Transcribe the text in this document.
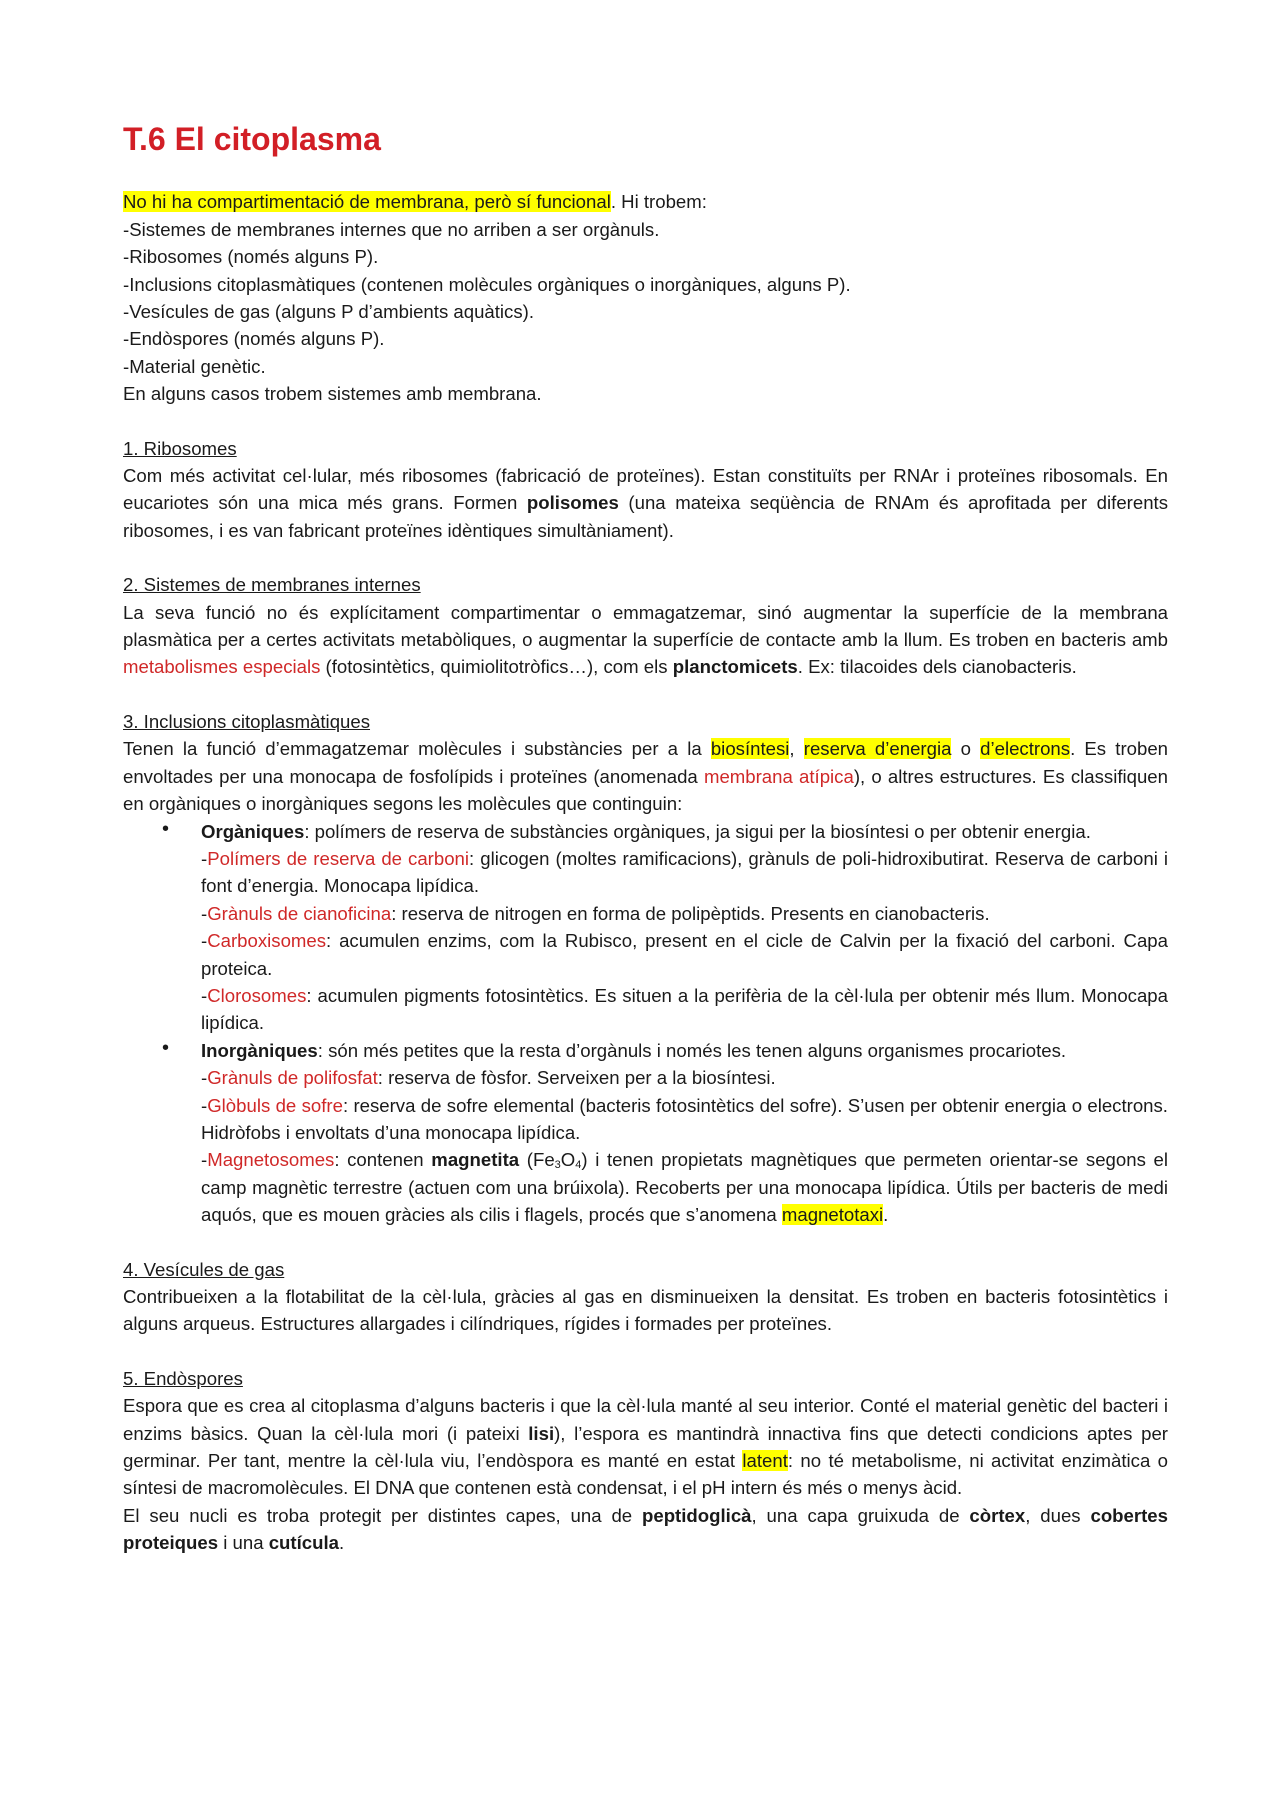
T.6 El citoplasma
No hi ha compartimentació de membrana, però sí funcional. Hi trobem:
-Sistemes de membranes internes que no arriben a ser orgànuls.
-Ribosomes (només alguns P).
-Inclusions citoplasmàtiques (contenen molècules orgàniques o inorgàniques, alguns P).
-Vesícules de gas (alguns P d’ambients aquàtics).
-Endòspores (només alguns P).
-Material genètic.
En alguns casos trobem sistemes amb membrana.
1. Ribosomes

Com més activitat cel·lular, més ribosomes (fabricació de proteïnes). Estan constituïts per RNAr i proteïnes ribosomals. En eucariotes són una mica més grans. Formen polisomes (una mateixa seqüència de RNAm és aprofitada per diferents ribosomes, i es van fabricant proteïnes idèntiques simultàniament).

2. Sistemes de membranes internes

La seva funció no és explícitament compartimentar o emmagatzemar, sinó augmentar la superfície de la membrana plasmàtica per a certes activitats metabòliques, o augmentar la superfície de contacte amb la llum. Es troben en bacteris amb metabolismes especials (fotosintètics, quimiolitotròfics…), com els planctomicets. Ex: tilacoides dels cianobacteris.

3. Inclusions citoplasmàtiques

Tenen la funció d’emmagatzemar molècules i substàncies per a la biosíntesi, reserva d’energia o d’electrons. Es troben envoltades per una monocapa de fosfolípids i proteïnes (anomenada membrana atípica), o altres estructures. Es classifiquen en orgàniques o inorgàniques segons les molècules que continguin:

• Orgàniques: polímers de reserva de substàncies orgàniques, ja sigui per la biosíntesi o per obtenir energia.
-Polímers de reserva de carboni: glicogen (moltes ramificacions), grànuls de poli-hidroxibutirat. Reserva de carboni i font d’energia. Monocapa lipídica.
-Grànuls de cianoficina: reserva de nitrogen en forma de polipèptids. Presents en cianobacteris.
-Carboxisomes: acumulen enzims, com la Rubisco, present en el cicle de Calvin per la fixació del carboni. Capa proteica.
-Clorosomes: acumulen pigments fotosintètics. Es situen a la perifèria de la cèl·lula per obtenir més llum. Monocapa lipídica.
• Inorgàniques: són més petites que la resta d’orgànuls i només les tenen alguns organismes procariotes.
-Grànuls de polifosfat: reserva de fòsfor. Serveixen per a la biosíntesi.
-Glòbuls de sofre: reserva de sofre elemental (bacteris fotosintètics del sofre). S’usen per obtenir energia o electrons. Hidròfobs i envoltats d’una monocapa lipídica.
-Magnetosomes: contenen magnetita $(Fe_3O_4)$ i tenen propietats magnètiques que permeten orientar-se segons el camp magnètic terrestre (actuen com una brúixola). Recoberts per una monocapa lipídica. Útils per bacteris de medi aquós, que es mouen gràcies als cilis i flagels, procés que s’anomena magnetotaxi.
4. Vesícules de gas

Contribueixen a la flotabilitat de la cèl·lula, gràcies al gas en disminueixen la densitat. Es troben en bacteris fotosintètics i alguns arqueus. Estructures allargades i cilíndriques, rígides i formades per proteïnes.

5. Endòspores

Espora que es crea al citoplasma d’alguns bacteris i que la cèl·lula manté al seu interior. Conté el material genètic del bacteri i enzims bàsics. Quan la cèl·lula mori (i pateixi lisi), l’espora es mantindrà innactiva fins que detecti condicions aptes per germinar. Per tant, mentre la cèl·lula viu, l’endòspora es manté en estat latent: no té metabolisme, ni activitat enzimàtica o síntesi de macromolècules. El DNA que contenen està condensat, i el pH intern és més o menys àcid.

El seu nucli es troba protegit per distintes capes, una de peptidoglicà, una capa gruixuda de còrtex, dues cobertes proteiques i una cutícula.
